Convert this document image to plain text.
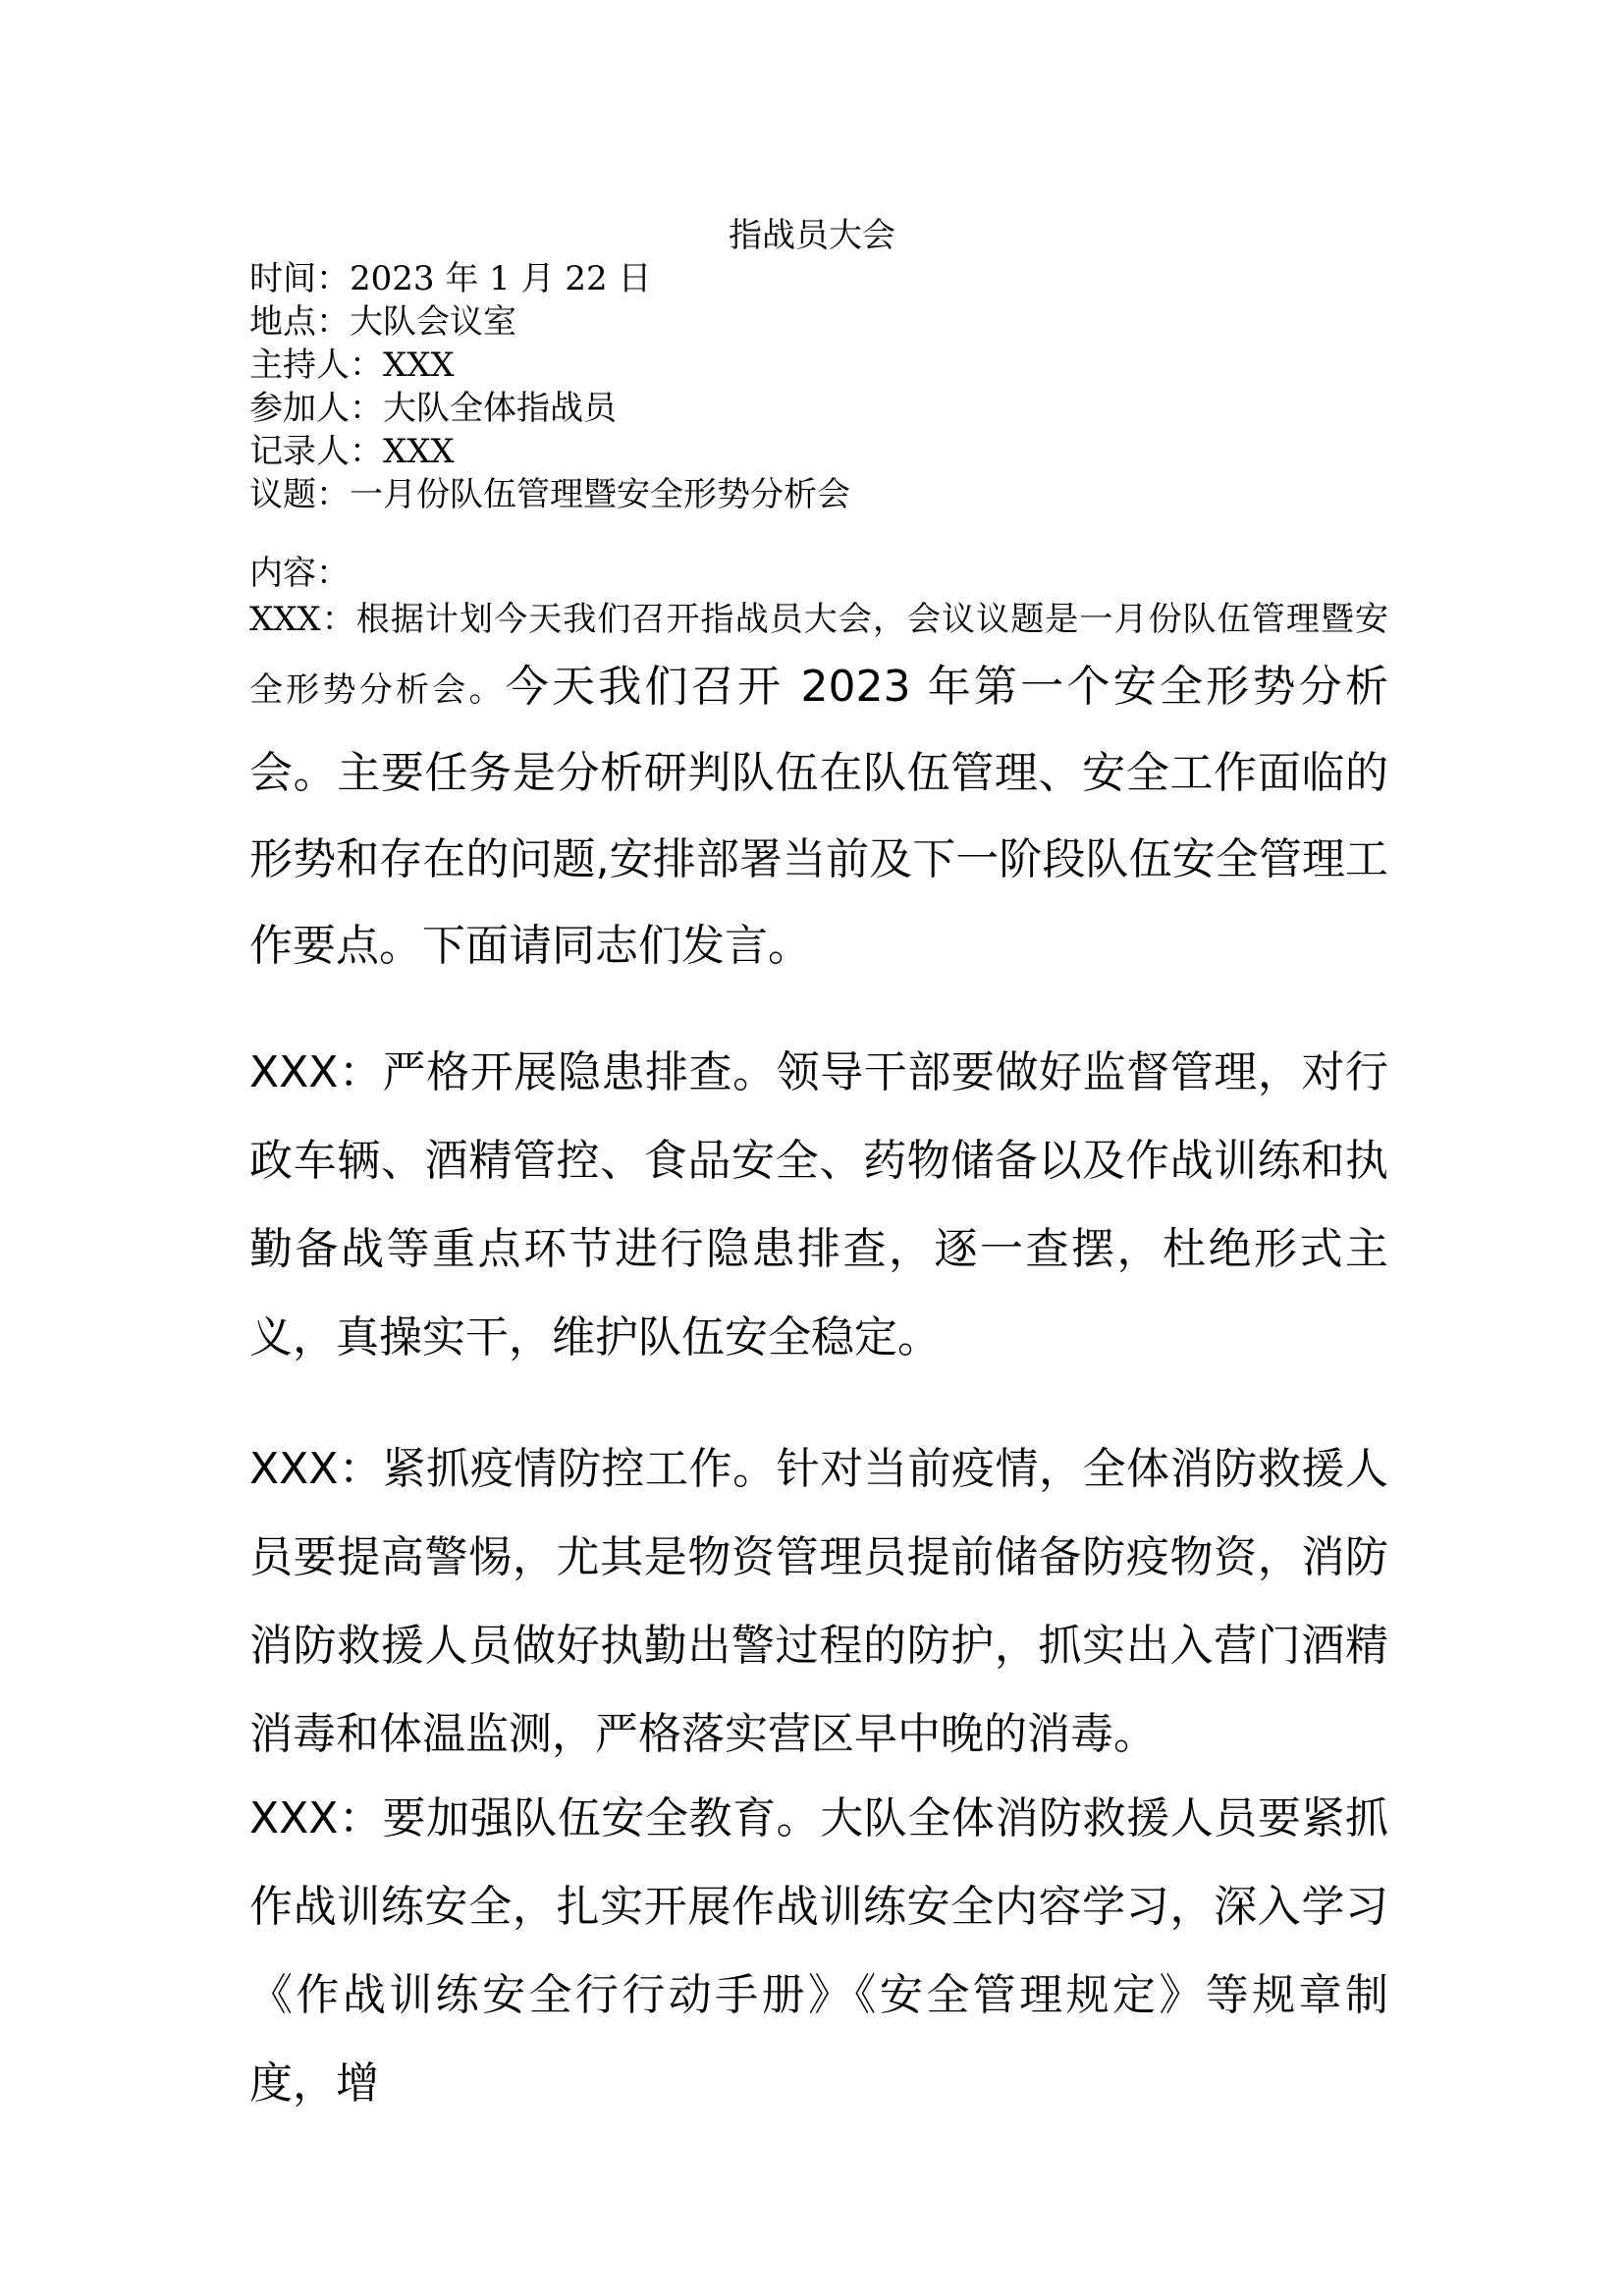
指战员大会
时间：2023 年 1 月 22 日
地点：大队会议室
主持人：XXX
参加人：大队全体指战员
记录人：XXX
议题：一月份队伍管理暨安全形势分析会
内容：
XXX：根据计划今天我们召开指战员大会，会议议题是一月份队伍管理暨安全形势分析会。今天我们召开 2023 年第一个安全形势分析会。主要任务是分析研判队伍在队伍管理、安全工作面临的形势和存在的问题,安排部署当前及下一阶段队伍安全管理工作要点。下面请同志们发言。
XXX：严格开展隐患排查。领导干部要做好监督管理，对行政车辆、酒精管控、食品安全、药物储备以及作战训练和执勤备战等重点环节进行隐患排查，逐一查摆，杜绝形式主义，真操实干，维护队伍安全稳定。
XXX：紧抓疫情防控工作。针对当前疫情，全体消防救援人员要提高警惕，尤其是物资管理员提前储备防疫物资，消防消防救援人员做好执勤出警过程的防护，抓实出入营门酒精消毒和体温监测，严格落实营区早中晚的消毒。
XXX：要加强队伍安全教育。大队全体消防救援人员要紧抓作战训练安全，扎实开展作战训练安全内容学习，深入学习《作战训练安全行行动手册》《安全管理规定》等规章制度，增
